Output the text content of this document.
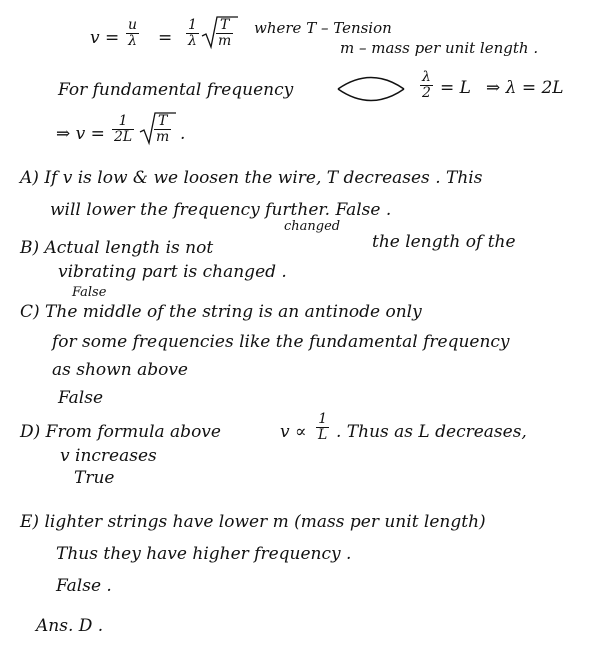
$v = \frac{u}{\lambda} = \frac{1}{\lambda} \frac{T}{m}$ where T – Tension
m – mass per unit length .
For fundamental frequency	$\frac{\lambda}{2} = L$ ⇒ λ = 2L
⇒ $v = \frac{1}{2L} \frac{T}{m}$ .
A) If v is low & we loosen the wire, T decreases . This
will lower the frequency further. False .
B) Actual length is not
changed
the length of the
vibrating part is changed .
False
C) The middle of the string is an antinode only
for some frequencies like the fundamental frequency
as shown above
False
D) From formula above	$v \propto \frac{1}{L}$ . Thus as L decreases,
v increases
True
E) lighter strings have lower m (mass per unit length)
Thus they have higher frequency .
False .
Ans. D .
